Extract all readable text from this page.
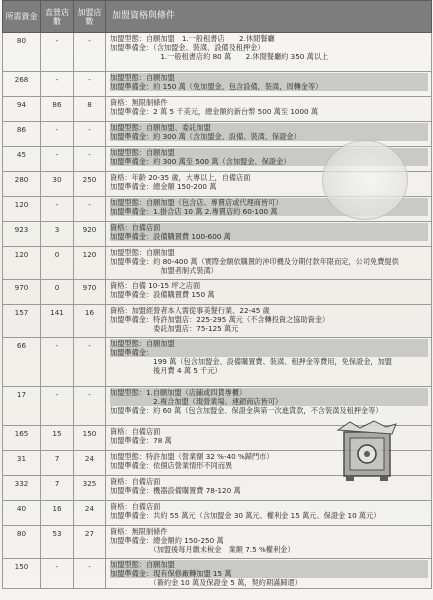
所需資金	直營店數	加盟店數	加盟資格與條件
80	-	-	加盟型態：自願加盟　1.一般租書店　　2.休閒餐廳
加盟準備金：（含加盟金、裝潢、設備及租押金）
　　　　　　　1.一般租書店約 80 萬　　2.休閒餐廳約 350 萬以上

268	-	-	加盟型態：自願加盟
加盟準備金：約 150 萬（免加盟金，包含設備，裝潢，周轉金等）

94	86	8	資格：無限制條件
加盟準備金：2 萬 5 千美元，總金額約新台幣 500 萬至 1000 萬

86	-	-	加盟型態：自願加盟、委託加盟
加盟準備金：約 300 萬（含加盟金、設備、裝潢、保證金）

45	-	-	加盟型態：自願加盟
加盟準備金：約 300 萬至 500 萬（含加盟金、保證金）

280	30	250	資格：年齡 20-35 歲，大專以上，自備店面
加盟準備金：總金額 150-200 萬

120	-	-	加盟型態：自願加盟（包含店、專賣店或代理商皆可）
加盟準備金：1.掛合店 10 萬 2.專賣店約 60-100 萬

923	3	920	資格：自備店面
加盟準備金：設備購置費 100-600 萬

120	0	120	加盟型態：自願加盟
加盟準備金：約 80-400 萬（實際金額依購置的沖印機及分期付款年限而定，公司免費提供
　　　　　　　加盟者制式裝潢）

970	0	970	資格：自備 10-15 坪之店面
加盟準備金：設備購置費 150 萬

157	141	16	資格：加盟經營者本人需從事美髮行業、22-45 歲
加盟準備金：特許加盟店：225-295 萬元（不含轉投資之協助資金）
　　　　　　委託加盟店：75-125 萬元

66	-	-	加盟型態：自願加盟
加盟準備金：
　　　　　　199 萬（包含加盟金、設備購置費、裝潢、租押金等費用，免保證金，加盟
　　　　　　後月費 4 萬 5 千元）

17	-	-	加盟型態：1.自願加盟（店鋪或四貨專櫃）
　　　　　　2.複合加盟（現營業場、連鎖商店皆可）
加盟準備金：約 60 萬（包含加盟金、保證金與第一次進貨款，不含裝潢及租押金等）

165	15	150	資格：自備店面
加盟準備金：78 萬

31	7	24	加盟型態：特許加盟（營業額 32 %-40 %歸門市）
加盟準備金：依個店營業情形不同而異

332	7	325	資格：自備店面
加盟準備金：機器設備購置費 78-120 萬

40	16	24	資格：自備店面
加盟準備金：共約 55 萬元（含加盟金 30 萬元、權利金 15 萬元、保證金 10 萬元）

80	53	27	資格：無限制條件
加盟準備金：總金額約 150-250 萬
　　　　　　（加盟後每月繳未稅金　業額 7.5 %權利金）

150	-	-	加盟型態：自願加盟
加盟準備金：現有保修廠轉加盟 15 萬
　　　　　　（簽約金 10 萬及保證金 5 萬，契約期滿歸還）
